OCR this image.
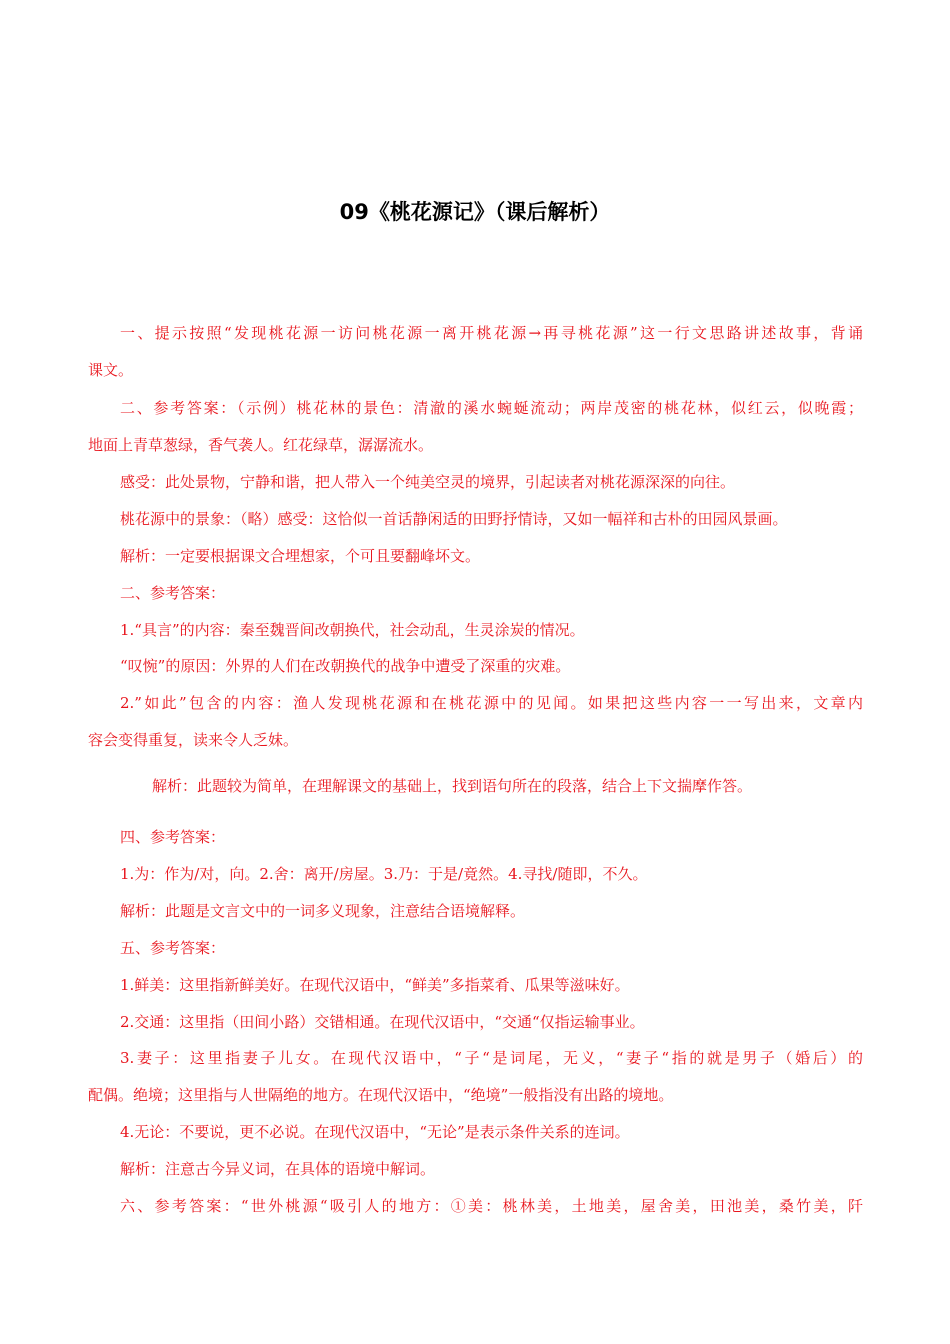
09《桃花源记》（课后解析）
一、提示按照“发现桃花源一访问桃花源一离开桃花源→再寻桃花源”这一行文思路讲述故事，背诵
课文。
二、参考答案：（示例）桃花林的景色：清澈的溪水蜿蜒流动；两岸茂密的桃花林，似红云，似晚霞；
地面上青草葱绿，香气袭人。红花绿草，潺潺流水。
感受：此处景物，宁静和谐，把人带入一个纯美空灵的境界，引起读者对桃花源深深的向往。
桃花源中的景象：（略）感受：这恰似一首话静闲适的田野抒情诗，又如一幅祥和古朴的田园风景画。
解析：一定要根据课文合埋想家，个可且要翻峰坏文。
二、参考答案：
1.“具言”的内容：秦至魏晋间改朝换代，社会动乱，生灵涂炭的情况。
“叹惋”的原因：外界的人们在改朝换代的战争中遭受了深重的灾难。
2.”如此”包含的内容：渔人发现桃花源和在桃花源中的见闻。如果把这些内容一一写出来，文章内
容会变得重复，读来令人乏妹。
解析：此题较为简单，在理解课文的基础上，找到语句所在的段落，结合上下文揣摩作答。
四、参考答案：
1.为：作为/对，向。2.舍：离开/房屋。3.乃：于是/竟然。4.寻找/随即，不久。
解析：此题是文言文中的一词多义现象，注意结合语境解释。
五、参考答案：
1.鲜美：这里指新鲜美好。在现代汉语中，“鲜美”多指菜肴、瓜果等滋味好。
2.交通：这里指（田间小路）交错相通。在现代汉语中，“交通“仅指运输事业。
3.妻子：这里指妻子儿女。在现代汉语中，“子“是词尾，无义，“妻子“指的就是男子（婚后）的
配偶。绝境；这里指与人世隔绝的地方。在现代汉语中，“绝境”一般指没有出路的境地。
4.无论：不要说，更不必说。在现代汉语中，“无论”是表示条件关系的连词。
解析：注意古今异义词，在具体的语境中解词。
六、参考答案：“世外桃源“吸引人的地方：①美：桃林美，土地美，屋舍美，田池美，桑竹美，阡
